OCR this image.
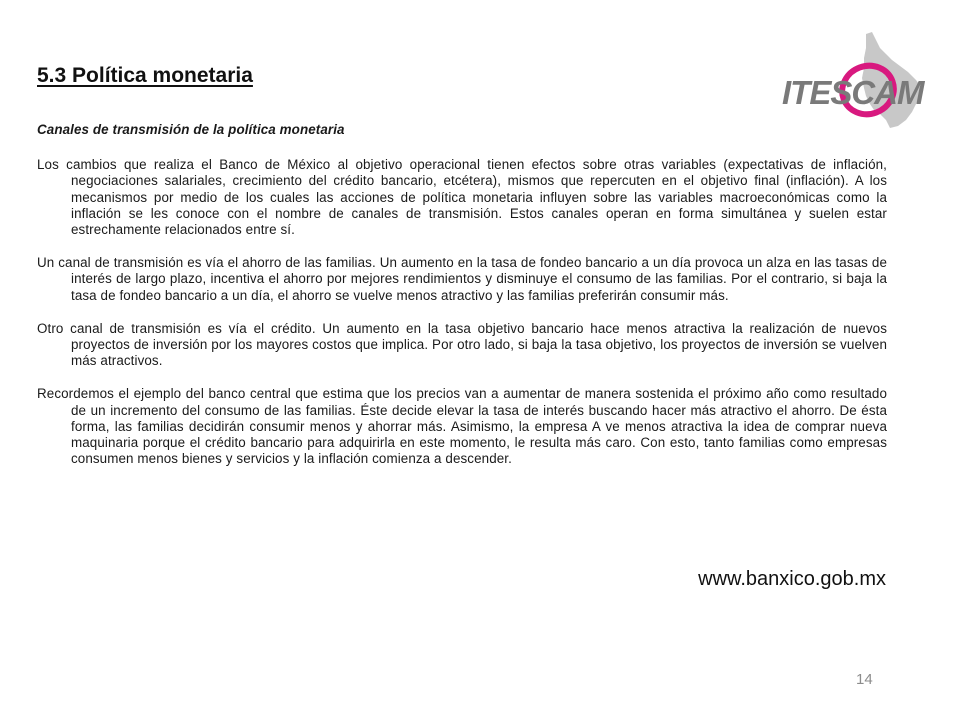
5.3 Política monetaria	ITESCAM

Canales de transmisión de la política monetaria

Los cambios que realiza el Banco de México al objetivo operacional tienen efectos sobre otras variables (expectativas de inflación, negociaciones salariales, crecimiento del crédito bancario, etcétera), mismos que repercuten en el objetivo final (inflación). A los mecanismos por medio de los cuales las acciones de política monetaria influyen sobre las variables macroeconómicas como la inflación se les conoce con el nombre de canales de transmisión. Estos canales operan en forma simultánea y suelen estar estrechamente relacionados entre sí.

Un canal de transmisión es vía el ahorro de las familias. Un aumento en la tasa de fondeo bancario a un día provoca un alza en las tasas de interés de largo plazo, incentiva el ahorro por mejores rendimientos y disminuye el consumo de las familias. Por el contrario, si baja la tasa de fondeo bancario a un día, el ahorro se vuelve menos atractivo y las familias preferirán consumir más.

Otro canal de transmisión es vía el crédito. Un aumento en la tasa objetivo bancario hace menos atractiva la realización de nuevos proyectos de inversión por los mayores costos que implica. Por otro lado, si baja la tasa objetivo, los proyectos de inversión se vuelven más atractivos.

Recordemos el ejemplo del banco central que estima que los precios van a aumentar de manera sostenida el próximo año como resultado de un incremento del consumo de las familias. Éste decide elevar la tasa de interés buscando hacer más atractivo el ahorro. De ésta forma, las familias decidirán consumir menos y ahorrar más. Asimismo, la empresa A ve menos atractiva la idea de comprar nueva maquinaria porque el crédito bancario para adquirirla en este momento, le resulta más caro. Con esto, tanto familias como empresas consumen menos bienes y servicios y la inflación comienza a descender.

www.banxico.gob.mx

14
